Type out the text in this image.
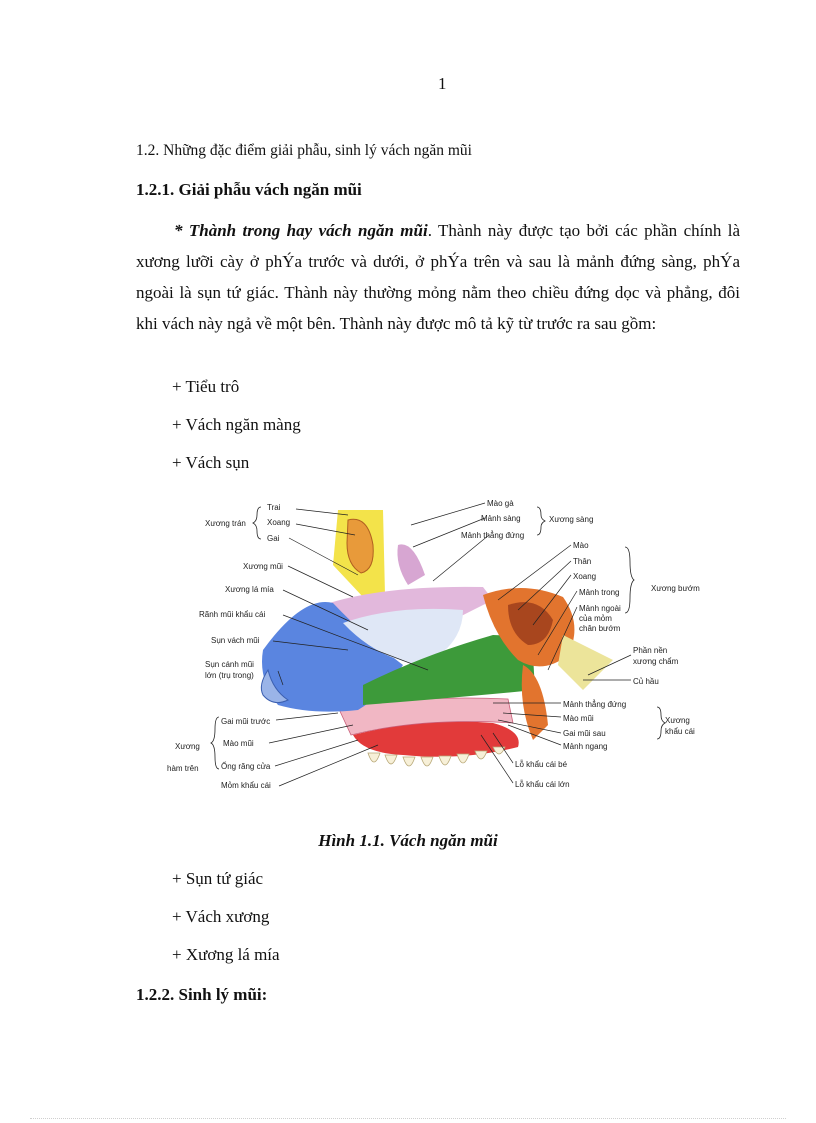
1
1.2. Những đặc điểm giải phẫu, sinh lý vách ngăn mũi
1.2.1. Giải phẫu vách ngăn mũi
* Thành trong hay vách ngăn mũi. Thành này được tạo bởi các phần chính là xương lưỡi cày ở phÝa trước và dưới, ở phÝa trên và sau là mảnh đứng sàng, phÝa ngoài là sụn tứ giác. Thành này thường mỏng nằm theo chiều đứng dọc và phẳng, đôi khi vách này ngả về một bên. Thành này được mô tả kỹ từ trước ra sau gồm:
+ Tiểu trô
+ Vách ngăn màng
+ Vách sụn
Trai
Xương trán	Xoang
Gai
Xương mũi
Xương lá mía
Rãnh mũi khẩu cái
Sụn vách mũi
Sụn cánh mũi
lớn (trụ trong)
Gai mũi trước
Xương	Mào mũi
hàm trên	Ống răng cửa
Mỏm khẩu cái
Mào gà
Mảnh sàng	Xương sàng
Mảnh thẳng đứng
Mào
Thân
Xoang
Xương bướm
Mảnh trong
Mảnh ngoài
của mỏm
chân bướm
Phần nền
xương chẩm
Củ hầu
Mảnh thẳng đứng
Mào mũi	Xương
Gai mũi sau	khẩu cái
Mảnh ngang
Lỗ khẩu cái bé
Lỗ khẩu cái lớn
Hình 1.1. Vách ngăn mũi
+ Sụn tứ giác
+ Vách xương
+ Xương lá mía
1.2.2. Sinh lý mũi:
